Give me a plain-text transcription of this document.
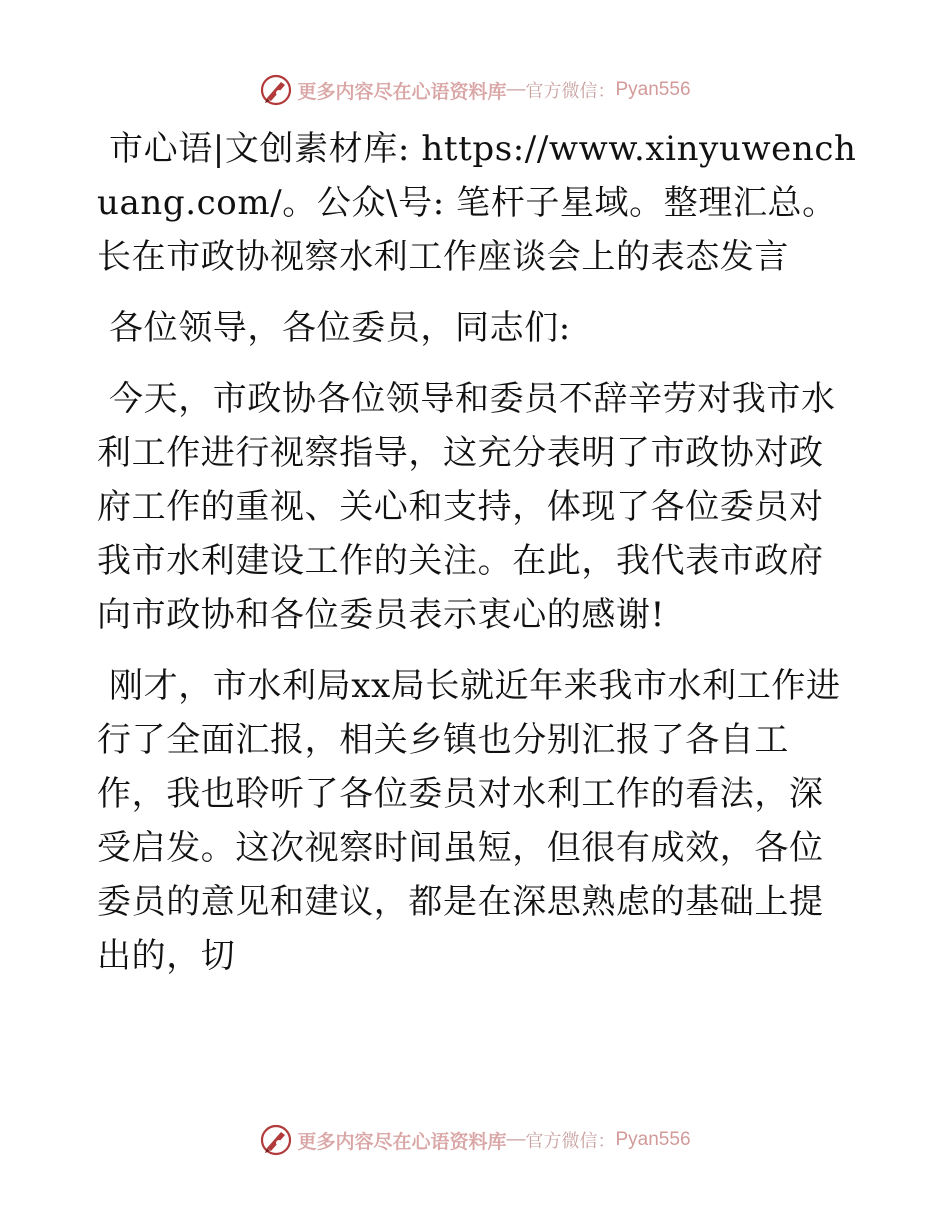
更多内容尽在心语资料库 — 官方微信： Pyan556

市心语|文创素材库: https://www.xinyuwenchuang.com/。公众\号: 笔杆子星域。整理汇总。长在市政协视察水利工作座谈会上的表态发言

各位领导，各位委员，同志们:

今天，市政协各位领导和委员不辞辛劳对我市水利工作进行视察指导，这充分表明了市政协对政府工作的重视、关心和支持，体现了各位委员对我市水利建设工作的关注。在此，我代表市政府向市政协和各位委员表示衷心的感谢!

刚才，市水利局xx局长就近年来我市水利工作进行了全面汇报，相关乡镇也分别汇报了各自工作，我也聆听了各位委员对水利工作的看法，深受启发。这次视察时间虽短，但很有成效，各位委员的意见和建议，都是在深思熟虑的基础上提出的，切

更多内容尽在心语资料库 — 官方微信： Pyan556
